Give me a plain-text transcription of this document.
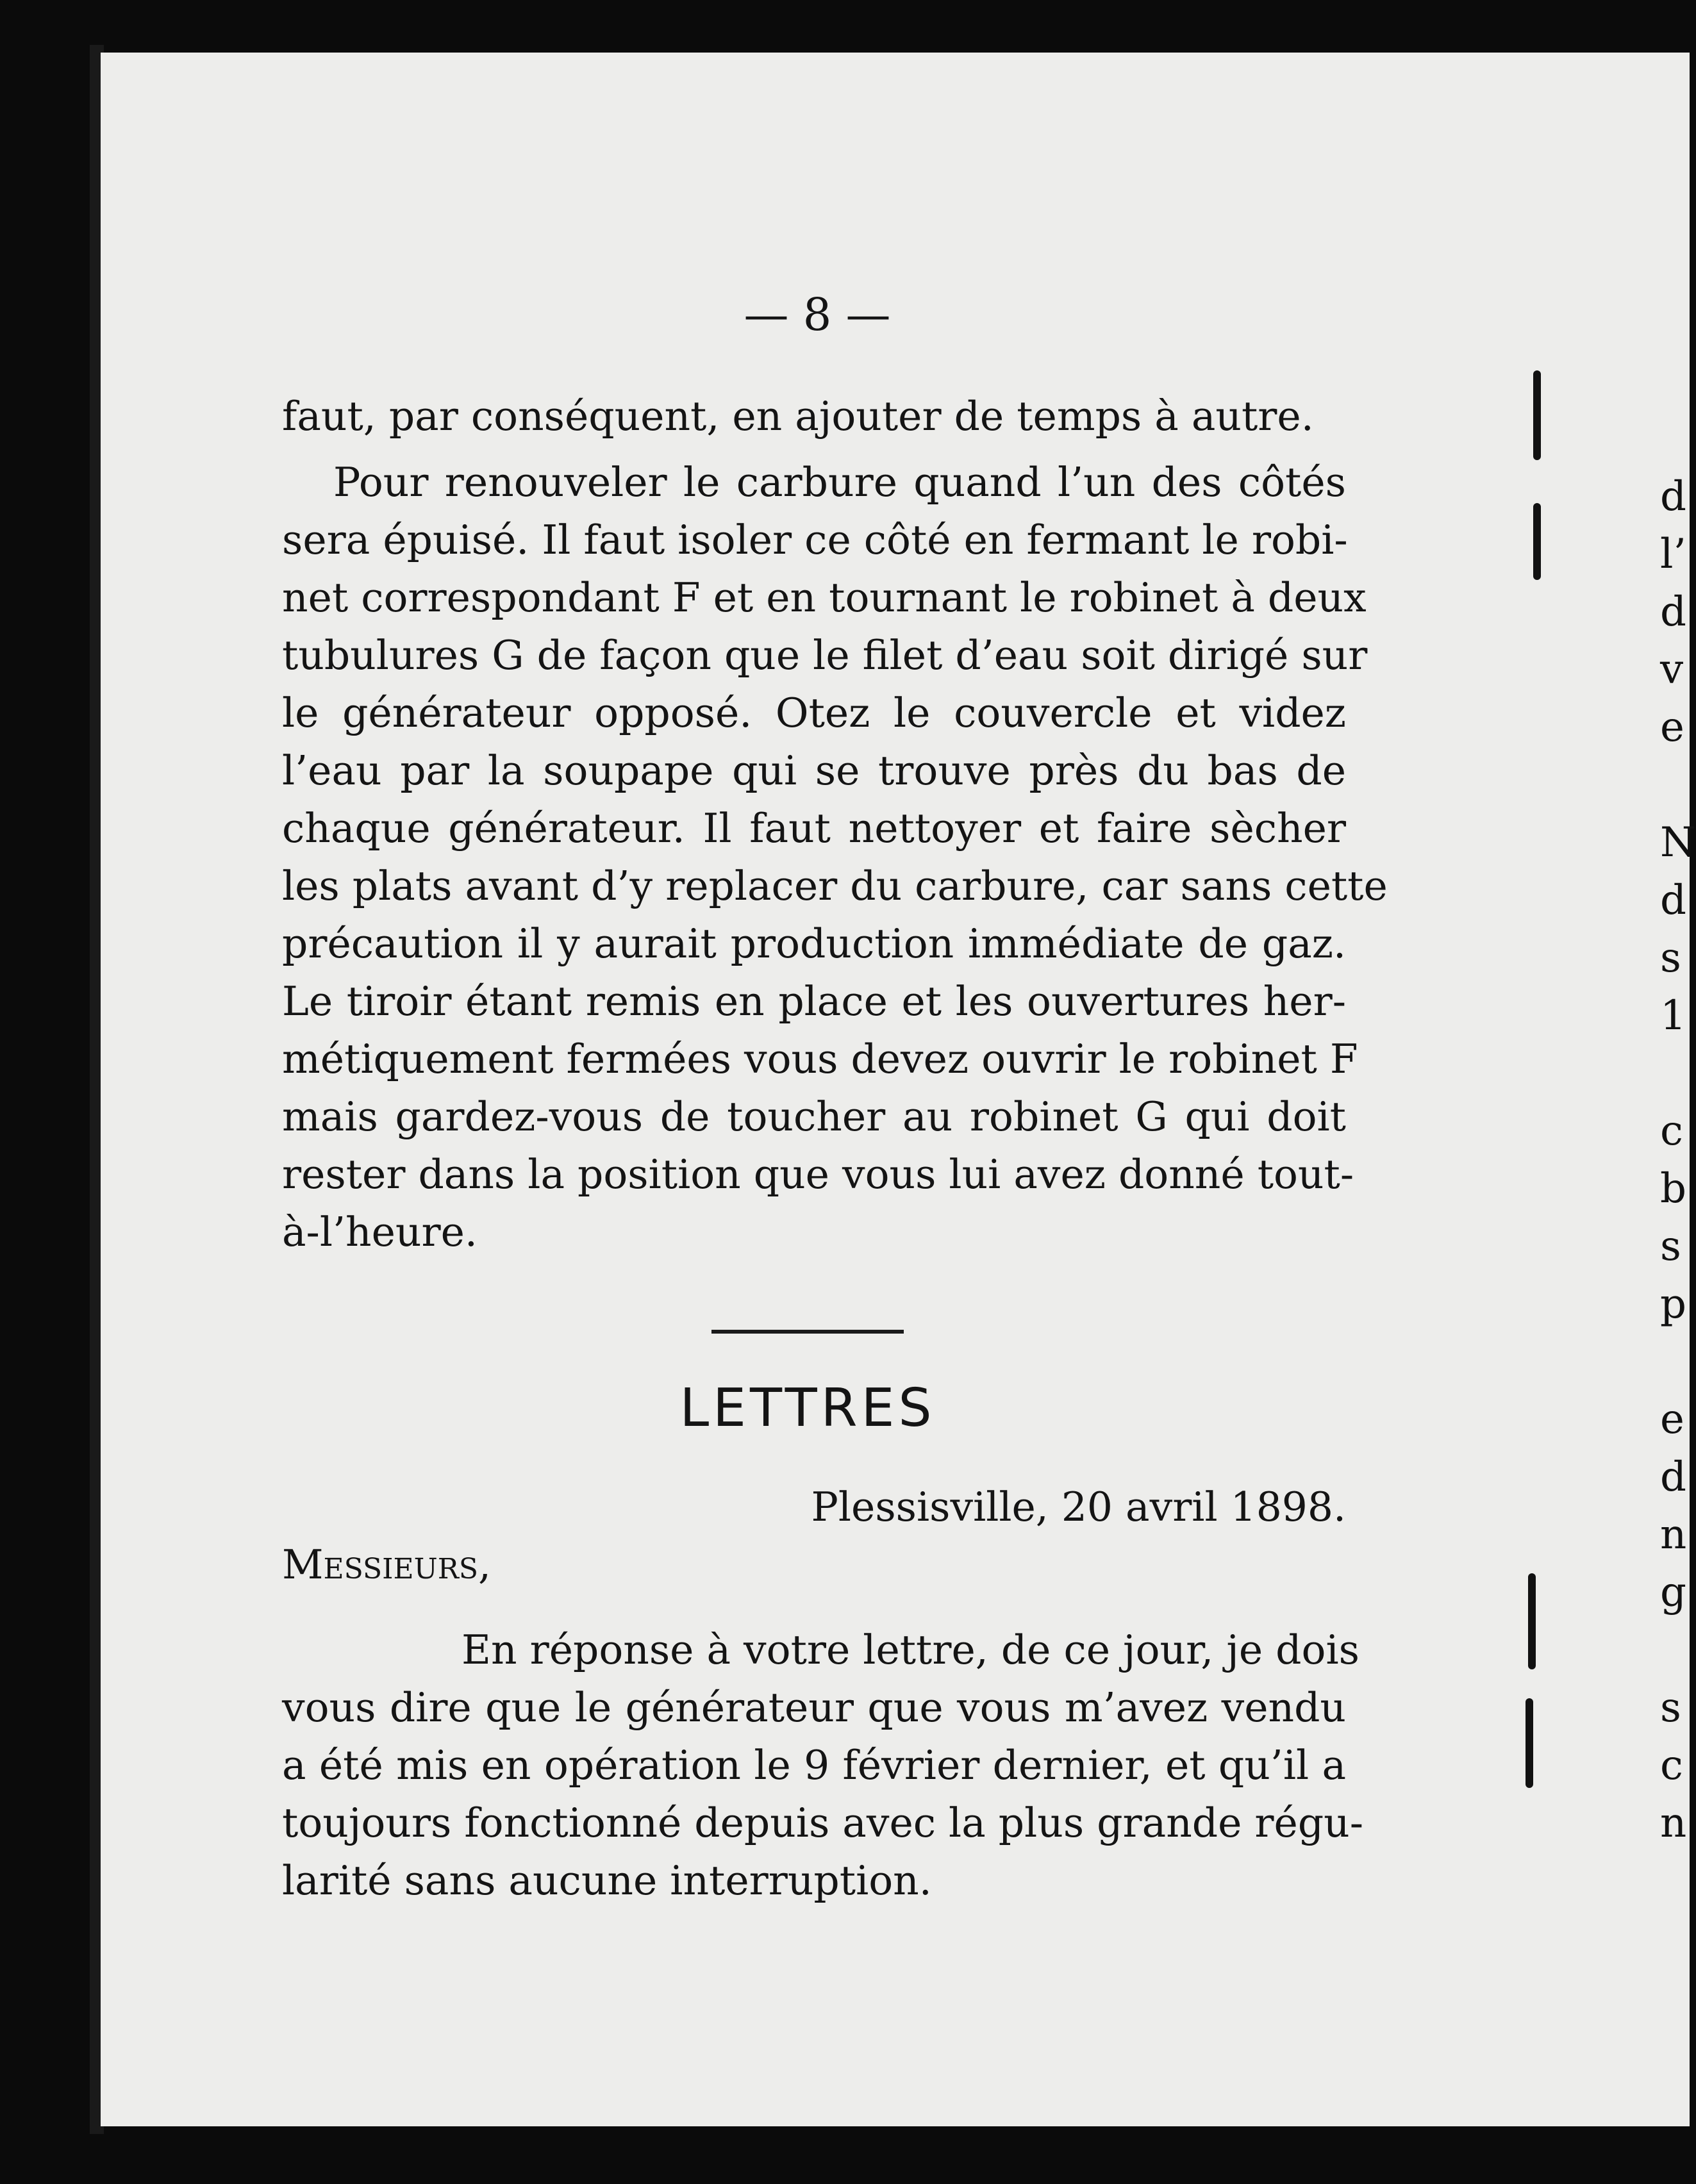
d
l’
d
v
e

N
d
s
1

c
b
s
p

e
d
n
g

s
c
n
— 8 —
faut, par conséquent, en ajouter de temps à autre.
Pour renouveler le carbure quand l’un des côtés
sera épuisé. Il faut isoler ce côté en fermant le robi-
net correspondant F et en tournant le robinet à deux
tubulures G de façon que le filet d’eau soit dirigé sur
le générateur opposé. Otez le couvercle et videz
l’eau par la soupape qui se trouve près du bas de
chaque générateur. Il faut nettoyer et faire sècher
les plats avant d’y replacer du carbure, car sans cette
précaution il y aurait production immédiate de gaz.
Le tiroir étant remis en place et les ouvertures her-
métiquement fermées vous devez ouvrir le robinet F
mais gardez-vous de toucher au robinet G qui doit
rester dans la position que vous lui avez donné tout-
à-l’heure.
LETTRES
Plessisville, 20 avril 1898.
Messieurs,
En réponse à votre lettre, de ce jour, je dois
vous dire que le générateur que vous m’avez vendu
a été mis en opération le 9 février dernier, et qu’il a
toujours fonctionné depuis avec la plus grande régu-
larité sans aucune interruption.
